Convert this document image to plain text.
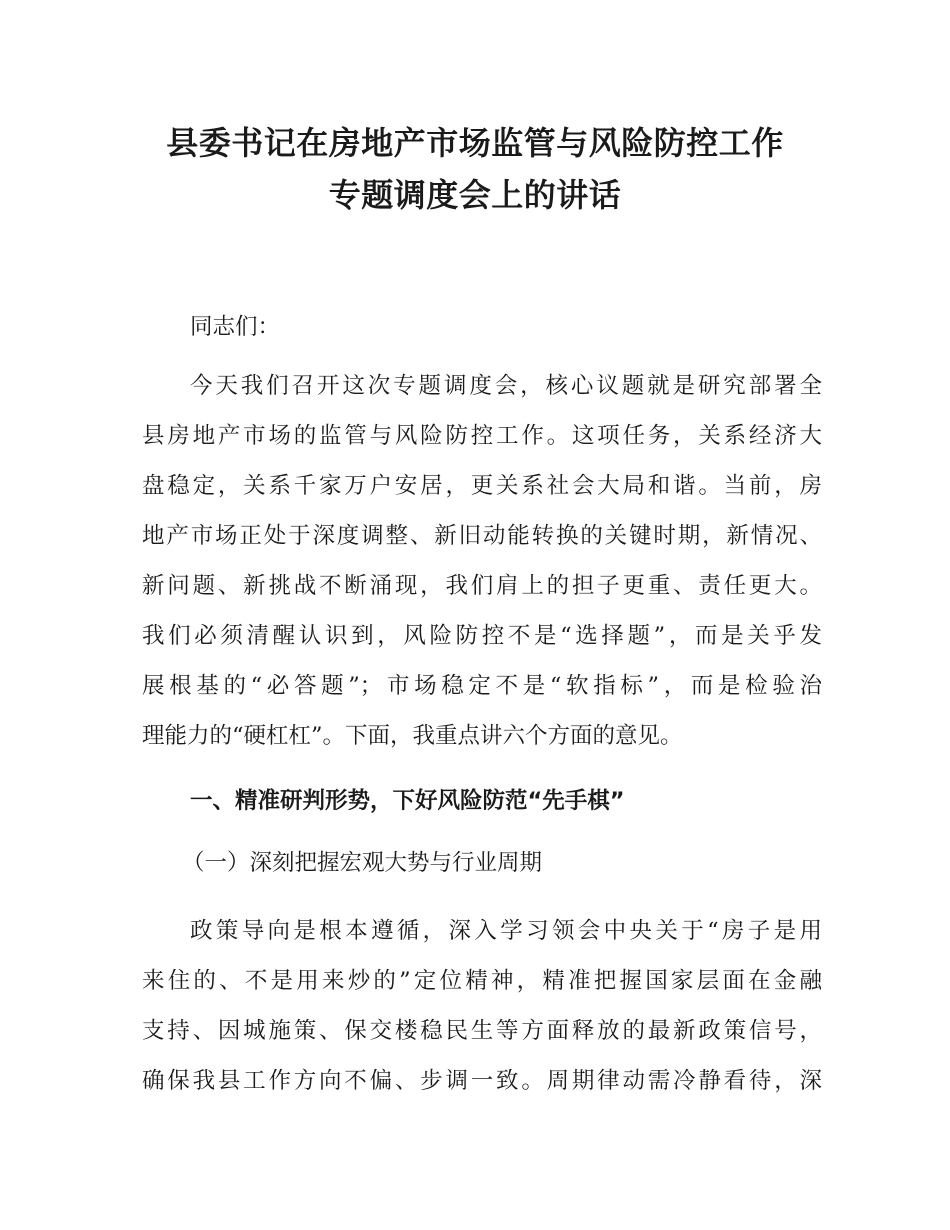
县委书记在房地产市场监管与风险防控工作
专题调度会上的讲话
同志们：
今天我们召开这次专题调度会，核心议题就是研究部署全
县房地产市场的监管与风险防控工作。这项任务，关系经济大
盘稳定，关系千家万户安居，更关系社会大局和谐。当前，房
地产市场正处于深度调整、新旧动能转换的关键时期，新情况、
新问题、新挑战不断涌现，我们肩上的担子更重、责任更大。
我们必须清醒认识到，风险防控不是“选择题”，而是关乎发
展根基的“必答题”；市场稳定不是“软指标”，而是检验治
理能力的“硬杠杠”。下面，我重点讲六个方面的意见。
一、精准研判形势，下好风险防范“先手棋”
（一）深刻把握宏观大势与行业周期
政策导向是根本遵循，深入学习领会中央关于“房子是用
来住的、不是用来炒的”定位精神，精准把握国家层面在金融
支持、因城施策、保交楼稳民生等方面释放的最新政策信号，
确保我县工作方向不偏、步调一致。周期律动需冷静看待，深
